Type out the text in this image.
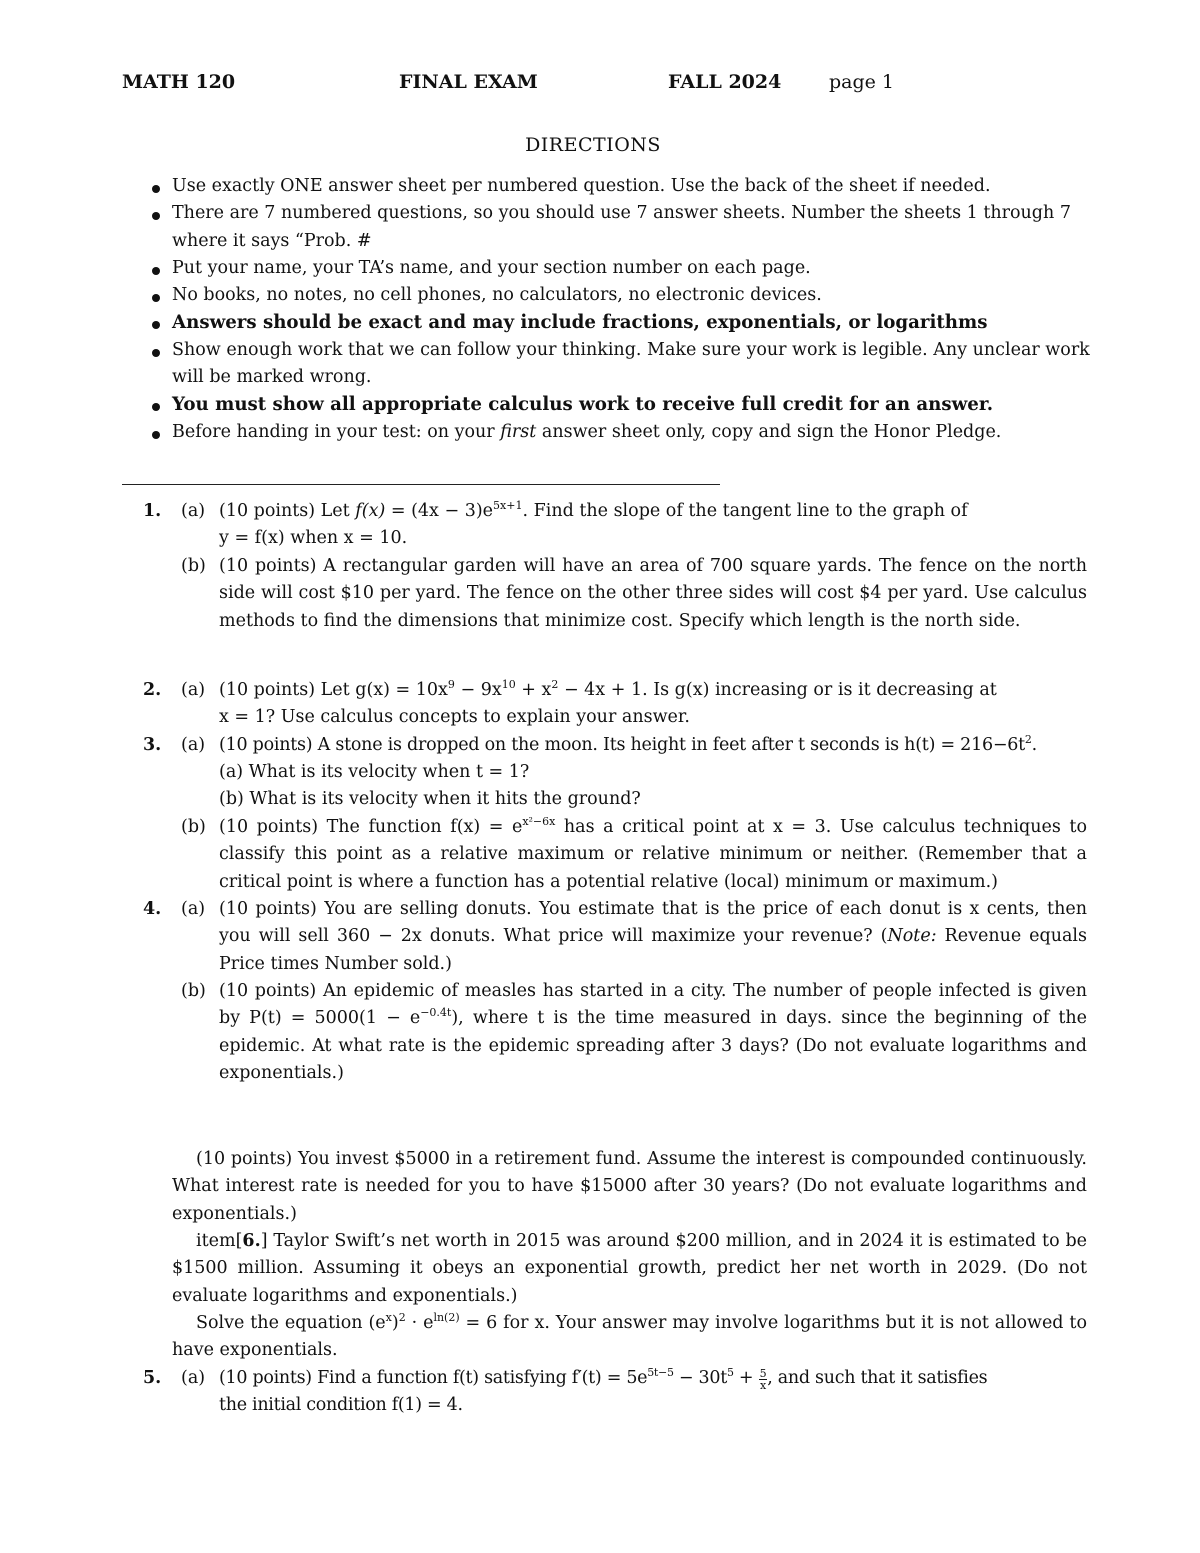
MATH 120	FINAL EXAM	FALL 2024	page 1
DIRECTIONS
Use exactly ONE answer sheet per numbered question. Use the back of the sheet if needed.
There are 7 numbered questions, so you should use 7 answer sheets. Number the sheets 1 through 7 where it says “Prob. #
Put your name, your TA’s name, and your section number on each page.
No books, no notes, no cell phones, no calculators, no electronic devices.
Answers should be exact and may include fractions, exponentials, or logarithms
Show enough work that we can follow your thinking. Make sure your work is legible. Any unclear work will be marked wrong.
You must show all appropriate calculus work to receive full credit for an answer.
Before handing in your test: on your first answer sheet only, copy and sign the Honor Pledge.
1. (a) (10 points) Let $f(x) = (4x - 3)e^{5x+1}$. Find the slope of the tangent line to the graph of
y = f(x) when x = 10.
(b) (10 points) A rectangular garden will have an area of 700 square yards. The fence on the north side will cost $10 per yard. The fence on the other three sides will cost $4 per yard. Use calculus methods to find the dimensions that minimize cost. Specify which length is the north side.
2. (a) (10 points) Let $g(x) = 10x^9 - 9x^{10} + x^2 - 4x + 1$. Is g(x) increasing or is it decreasing at
x = 1? Use calculus concepts to explain your answer.
3. (a) (10 points) A stone is dropped on the moon. Its height in feet after t seconds is $h(t) = 216-6t^2$.
(a) What is its velocity when t = 1?
(b) What is its velocity when it hits the ground?
(b) (10 points) The function $f(x) = e^{x^2-6x}$ has a critical point at x = 3. Use calculus techniques to classify this point as a relative maximum or relative minimum or neither. (Remember that a critical point is where a function has a potential relative (local) minimum or maximum.)
4. (a) (10 points) You are selling donuts. You estimate that is the price of each donut is x cents, then you will sell 360 − 2x donuts. What price will maximize your revenue? (Note: Revenue equals Price times Number sold.)
(b) (10 points) An epidemic of measles has started in a city. The number of people infected is given by $P(t) = 5000(1 - e^{-0.4t})$, where t is the time measured in days. since the beginning of the epidemic. At what rate is the epidemic spreading after 3 days? (Do not evaluate logarithms and exponentials.)
(10 points) You invest $5000 in a retirement fund. Assume the interest is compounded continuously. What interest rate is needed for you to have $15000 after 30 years? (Do not evaluate logarithms and exponentials.)
item[6.] Taylor Swift’s net worth in 2015 was around $200 million, and in 2024 it is estimated to be $1500 million. Assuming it obeys an exponential growth, predict her net worth in 2029. (Do not evaluate logarithms and exponentials.)
Solve the equation $(e^x)^2 \cdot e^{ln(2)} = 6$ for x. Your answer may involve logarithms but it is not allowed to have exponentials.
5. (a) (10 points) Find a function f(t) satisfying $f'(t) = 5e^{5t-5} - 30t^5 + \frac{5}{x}$ , and such that it satisfies
the initial condition f(1) = 4.
